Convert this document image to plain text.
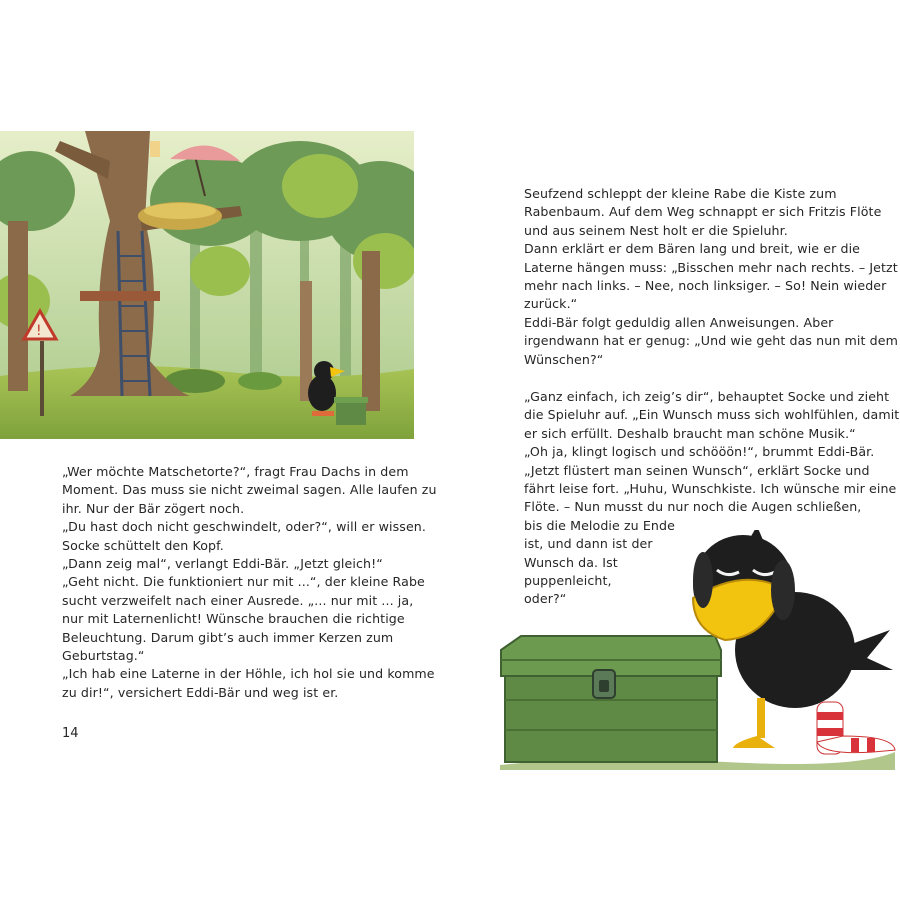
!
„Wer möchte Matschetorte?“, fragt Frau Dachs in dem
Moment. Das muss sie nicht zweimal sagen. Alle laufen zu
ihr. Nur der Bär zögert noch.
„Du hast doch nicht geschwindelt, oder?“, will er wissen.
Socke schüttelt den Kopf.
„Dann zeig mal“, verlangt Eddi-Bär. „Jetzt gleich!“
„Geht nicht. Die funktioniert nur mit ...“, der kleine Rabe
sucht verzweifelt nach einer Ausrede. „... nur mit ... ja,
nur mit Laternenlicht! Wünsche brauchen die richtige
Beleuchtung. Darum gibt’s auch immer Kerzen zum
Geburtstag.“
„Ich hab eine Laterne in der Höhle, ich hol sie und komme
zu dir!“, versichert Eddi-Bär und weg ist er.
14
Seufzend schleppt der kleine Rabe die Kiste zum
Rabenbaum. Auf dem Weg schnappt er sich Fritzis Flöte
und aus seinem Nest holt er die Spieluhr.
Dann erklärt er dem Bären lang und breit, wie er die
Laterne hängen muss: „Bisschen mehr nach rechts. – Jetzt
mehr nach links. – Nee, noch linksiger. – So! Nein wieder
zurück.“
Eddi-Bär folgt geduldig allen Anweisungen. Aber
irgendwann hat er genug: „Und wie geht das nun mit dem
Wünschen?“
„Ganz einfach, ich zeig’s dir“, behauptet Socke und zieht
die Spieluhr auf. „Ein Wunsch muss sich wohlfühlen, damit
er sich erfüllt. Deshalb braucht man schöne Musik.“
„Oh ja, klingt logisch und schööön!“, brummt Eddi-Bär.
„Jetzt flüstert man seinen Wunsch“, erklärt Socke und
fährt leise fort. „Huhu, Wunschkiste. Ich wünsche mir eine
Flöte. – Nun musst du nur noch die Augen schließen,
bis die Melodie zu Ende
ist, und dann ist der
Wunsch da. Ist
puppenleicht,
oder?“
